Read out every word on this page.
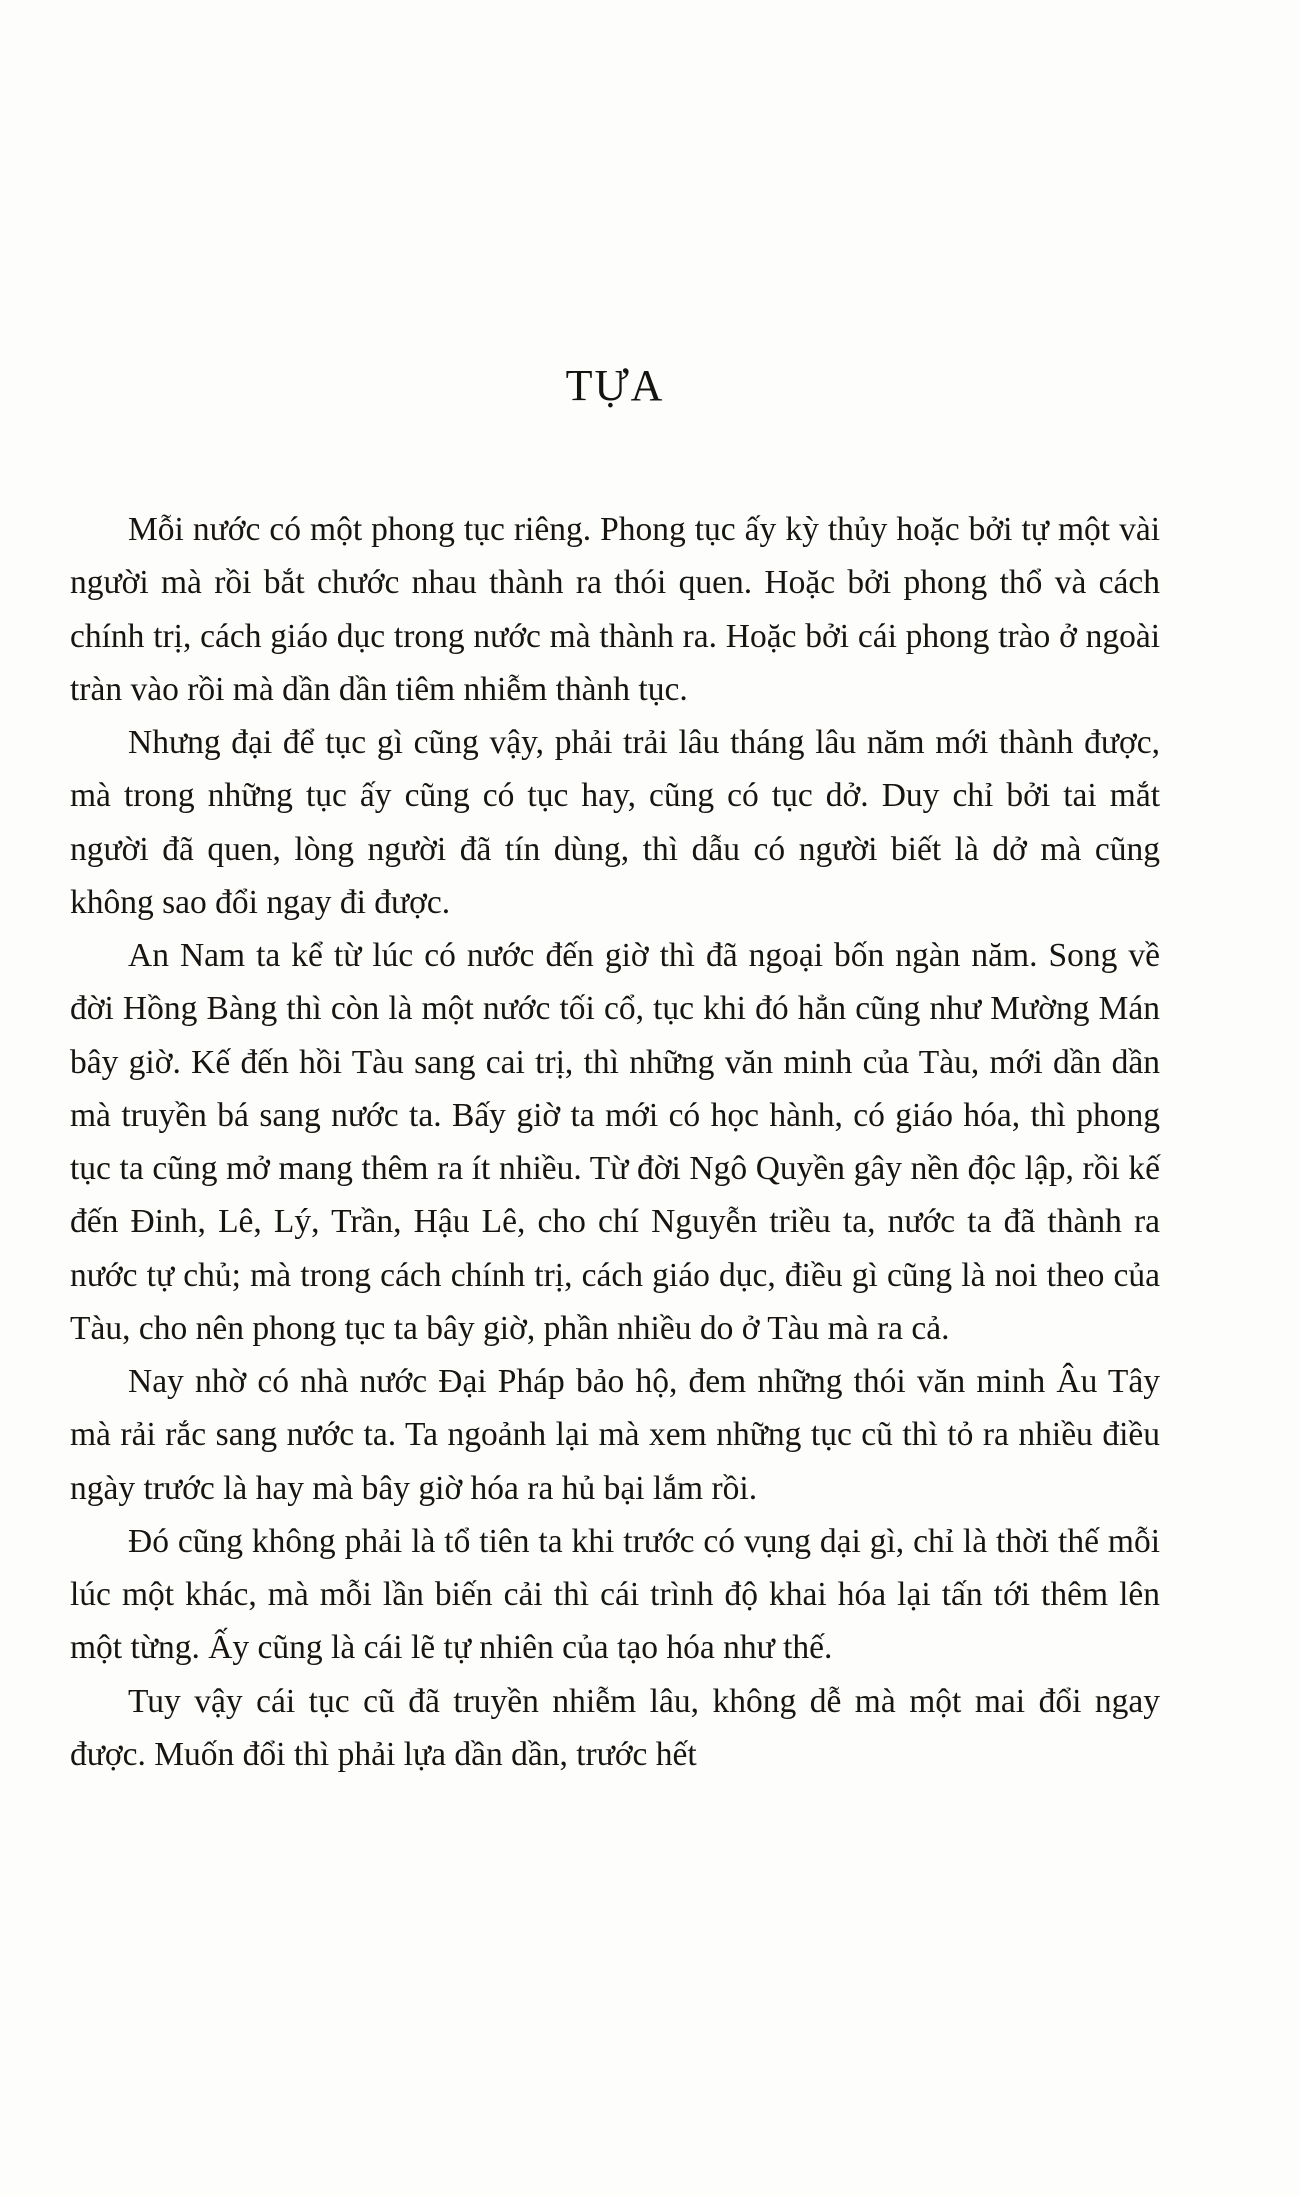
TỰA

Mỗi nước có một phong tục riêng. Phong tục ấy kỳ thủy hoặc bởi tự một vài người mà rồi bắt chước nhau thành ra thói quen. Hoặc bởi phong thổ và cách chính trị, cách giáo dục trong nước mà thành ra. Hoặc bởi cái phong trào ở ngoài tràn vào rồi mà dần dần tiêm nhiễm thành tục.

Nhưng đại để tục gì cũng vậy, phải trải lâu tháng lâu năm mới thành được, mà trong những tục ấy cũng có tục hay, cũng có tục dở. Duy chỉ bởi tai mắt người đã quen, lòng người đã tín dùng, thì dẫu có người biết là dở mà cũng không sao đổi ngay đi được.

An Nam ta kể từ lúc có nước đến giờ thì đã ngoại bốn ngàn năm. Song về đời Hồng Bàng thì còn là một nước tối cổ, tục khi đó hẳn cũng như Mường Mán bây giờ. Kế đến hồi Tàu sang cai trị, thì những văn minh của Tàu, mới dần dần mà truyền bá sang nước ta. Bấy giờ ta mới có học hành, có giáo hóa, thì phong tục ta cũng mở mang thêm ra ít nhiều. Từ đời Ngô Quyền gây nền độc lập, rồi kế đến Đinh, Lê, Lý, Trần, Hậu Lê, cho chí Nguyễn triều ta, nước ta đã thành ra nước tự chủ; mà trong cách chính trị, cách giáo dục, điều gì cũng là noi theo của Tàu, cho nên phong tục ta bây giờ, phần nhiều do ở Tàu mà ra cả.

Nay nhờ có nhà nước Đại Pháp bảo hộ, đem những thói văn minh Âu Tây mà rải rắc sang nước ta. Ta ngoảnh lại mà xem những tục cũ thì tỏ ra nhiều điều ngày trước là hay mà bây giờ hóa ra hủ bại lắm rồi.

Đó cũng không phải là tổ tiên ta khi trước có vụng dại gì, chỉ là thời thế mỗi lúc một khác, mà mỗi lần biến cải thì cái trình độ khai hóa lại tấn tới thêm lên một từng. Ấy cũng là cái lẽ tự nhiên của tạo hóa như thế.

Tuy vậy cái tục cũ đã truyền nhiễm lâu, không dễ mà một mai đổi ngay được. Muốn đổi thì phải lựa dần dần, trước hết
